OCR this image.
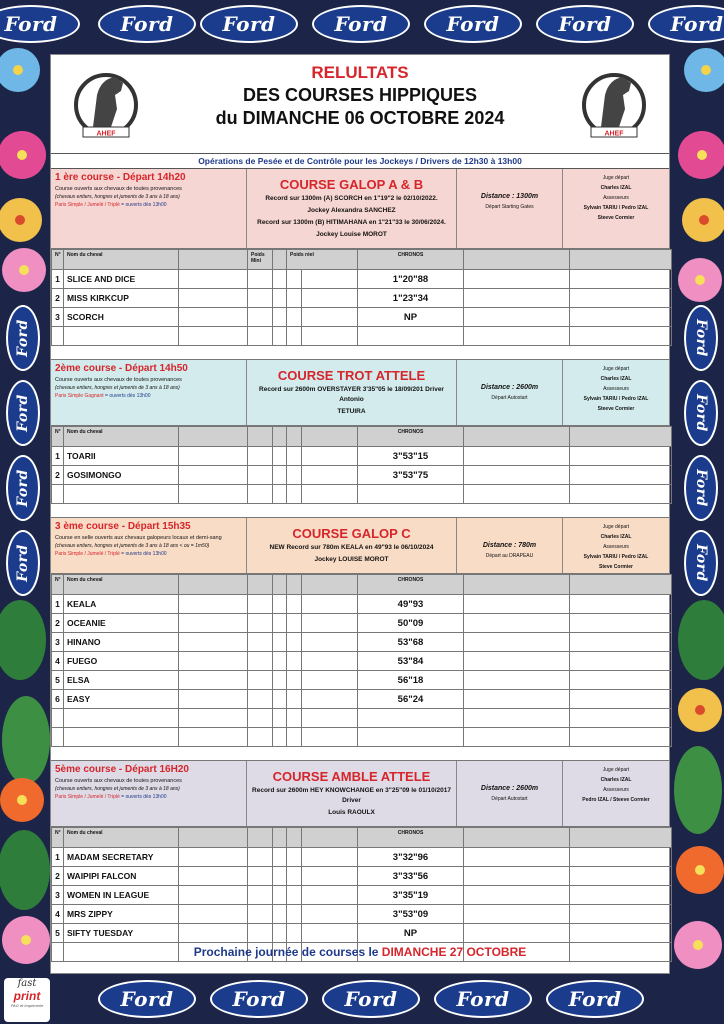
Ford	Ford Ford	Ford	Ford	Ford	Ford
Ford	Ford	Ford	Ford	Ford
Ford
Ford
Ford
Ford
Ford
Ford
Ford
Ford
AHEF	AHEF
RELULTATS
DES COURSES HIPPIQUES
du DIMANCHE 06 OCTOBRE 2024
Opérations de Pesée et de Contrôle pour les Jockeys / Drivers de 12h30 à 13h00
1 ère course - Départ 14h20
Course ouverts aux chevaux de toutes provenances
(chevaux entiers, hongres et juments de 3 ans à 18 ans)
Paris Simple / Jumelé / Triplé = ouverts dès 13h00
COURSE GALOP A & B
Record sur 1300m (A) SCORCH en 1"19"2 le 02/10/2022.
Jockey Alexandra SANCHEZ
Record sur 1300m (B) HITIMAHANA en 1"21"33 le 30/06/2024.
Jockey Louise MOROT
Distance : 1300m
Départ Starting Gates
Juge départ
Charles IZAL
Assesseurs
Sylvain TARIU / Pedro IZAL
Steeve Cormier
N°	Nom du cheval		Poids Mini		Poids réel		CHRONOS		
1	SLICE AND DICE						1"20"88		
2	MISS KIRKCUP						1"23"34		
3	SCORCH						NP		

2ème course - Départ 14h50
Course ouverts aux chevaux de toutes provenances
(chevaux entiers, hongres et juments de 3 ans à 18 ans)
Paris Simple Gagnant = ouverts dès 13h00
COURSE TROT ATTELE
Record sur 2600m OVERSTAYER 3'35"05 le 18/09/201 Driver Antonio
TETUIRA
Distance : 2600m
Départ Autostart
Juge départ
Charles IZAL
Assesseurs
Sylvain TARIU / Pedro IZAL
Steeve Cormier
N°	Nom du cheval						CHRONOS		
1	TOARII						3"53"15		
2	GOSIMONGO						3"53"75		

3 ème course - Départ 15h35
Course en selle ouverts aux chevaux galopeurs locaux et demi-sang
(chevaux entiers, hongres et juments de 3 ans à 18 ans < ou = 1m50)
Paris Simple / Jumelé / Triplé = ouverts dès 13h00
COURSE GALOP C
NEW Record sur 780m KEALA en 49"93 le 06/10/2024
Jockey LOUISE MOROT
Distance : 780m
Départ au DRAPEAU
Juge départ
Charles IZAL
Assesseurs
Sylvain TARIU / Pedro IZAL
Steve Cormier
N°	Nom du cheval						CHRONOS		
1	KEALA						49"93		
2	OCEANIE						50"09		
3	HINANO						53"68		
4	FUEGO						53"84		
5	ELSA						56"18		
6	EASY						56"24		

5ème course - Départ 16H20
Course ouverts aux chevaux de toutes provenances
(chevaux entiers, hongres et juments de 3 ans à 18 ans)
Paris Simple / Jumelé / Triplé = ouverts dès 13h00
COURSE AMBLE ATTELE
Record sur 2600m HEY KNOWCHANGE en 3"25"09 le 01/10/2017 Driver
Louis RAOULX
Distance : 2600m
Départ Autostart
Juge départ
Charles IZAL
Assesseurs
Pedro IZAL / Steeve Cormier
N°	Nom du cheval						CHRONOS		
1	MADAM SECRETARY						3"32"96		
2	WAIPIPI FALCON						3"33"56		
3	WOMEN IN LEAGUE						3"35"19		
4	MRS ZIPPY						3"53"09		
5	SIFTY TUESDAY						NP		

Prochaine journée de courses le DIMANCHE 27 OCTOBRE
fast
print
PAO et Imprimerie
